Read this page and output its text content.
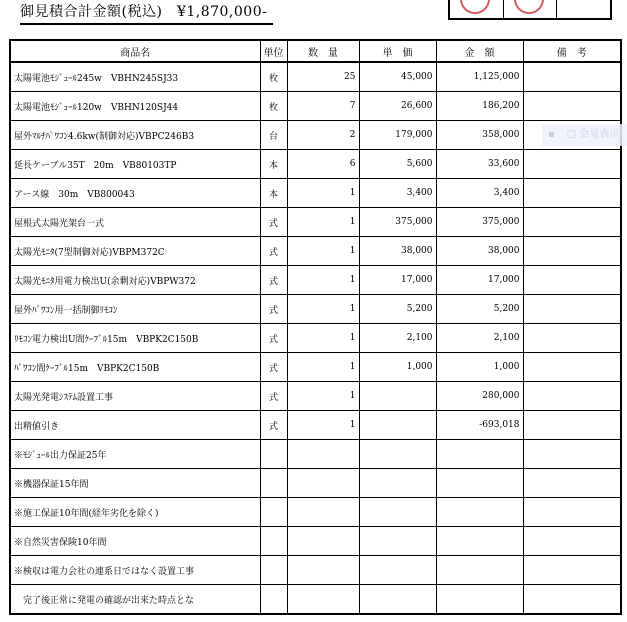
御見積合計金額(税込)　 ¥1,870,000-
商品名	単位	数　量	単　価	金　額	備　考
太陽電池ﾓｼﾞｭｰﾙ245w　VBHN245SJ33	枚	25	45,000	1,125,000	
太陽電池ﾓｼﾞｭｰﾙ120w　VBHN120SJ44	枚	7	26,600	186,200	
屋外ﾏﾙﾁﾊﾟﾜｺﾝ4.6kw(制御対応)VBPC246B3	台	2	179,000	358,000	
延長ケーブル35T　20m　VB80103TP	本	6	5,600	33,600	
アース線　30m　VB800043	本	1	3,400	3,400	
屋根式太陽光架台一式	式	1	375,000	375,000	
太陽光ﾓﾆﾀ(7型制御対応)VBPM372C	式	1	38,000	38,000	
太陽光ﾓﾆﾀ用電力検出U(余剰対応)VBPW372	式	1	17,000	17,000	
屋外ﾊﾟﾜｺﾝ用一括制御ﾘﾓｺﾝ	式	1	5,200	5,200	
ﾘﾓｺﾝ電力検出U間ｹｰﾌﾞﾙ15m　VBPK2C150B	式	1	2,100	2,100	
ﾊﾟﾜｺﾝ間ｹｰﾌﾞﾙ15m　VBPK2C150B	式	1	1,000	1,000	
太陽光発電ｼｽﾃﾑ設置工事	式	1		280,000	
出精値引き	式	1		-693,018	
※ﾓｼﾞｭｰﾙ出力保証25年					
※機器保証15年間					
※施工保証10年間(経年劣化を除く)					
※自然災害保険10年間					
※検収は電力会社の連系日ではなく設置工事					
　完了後正常に発電の確認が出来た時点とな					
▪ □ 会見表示
